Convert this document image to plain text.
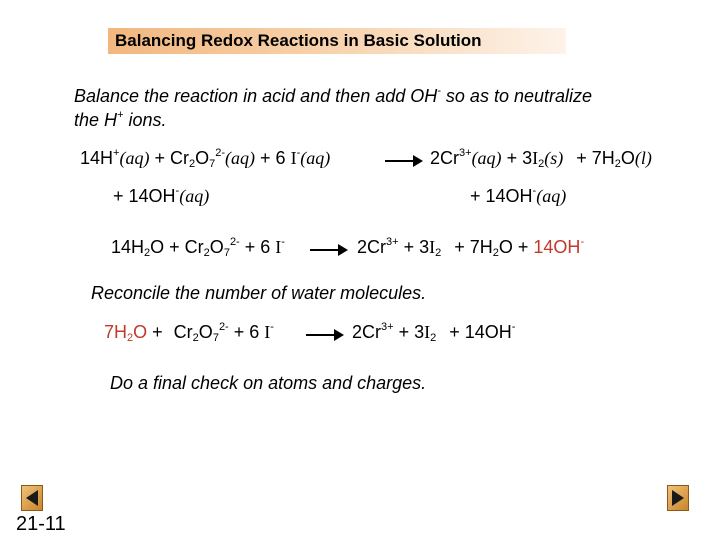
Balancing Redox Reactions in Basic Solution
Balance the reaction in acid and then add OH- so as to neutralize
the H+ ions.
$14H^+(aq) + Cr_2O_7^{2-}(aq) + 6$ I-(aq)	$2Cr^{3+}(aq) + 3I_2(s) + 7H_2O(l)$
+ 14OH-(aq)	+ 14OH-(aq)
$14H_2O + Cr_2O_7^{2-} + 6$ I-	$2Cr^{3+} + 3I_2 + 7H_2O + 14OH^-$
Reconcile the number of water molecules.
$7H_2O + Cr_2O_7^{2-} + 6$ I-	$2Cr^{3+} + 3I_2 + 14OH^-$
Do a final check on atoms and charges.
21-11
